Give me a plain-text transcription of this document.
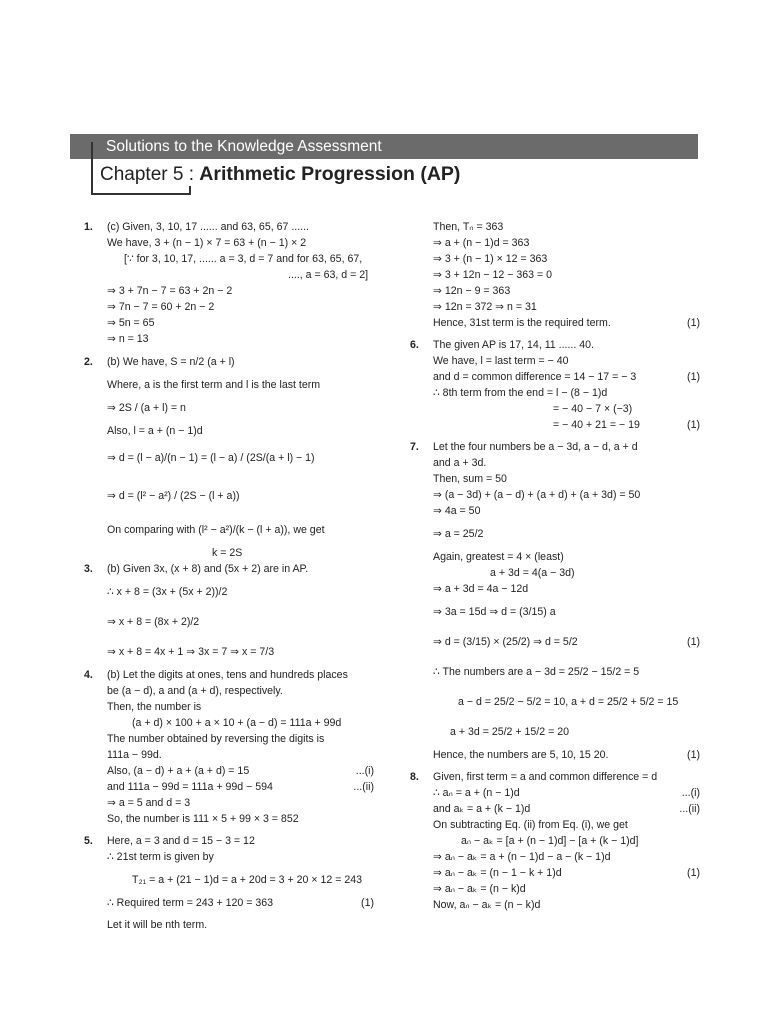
Solutions to the Knowledge Assessment
Chapter 5 : Arithmetic Progression (AP)
1. (c) Given, 3, 10, 17 ...... and 63, 65, 67 ......
We have, 3 + (n − 1) × 7 = 63 + (n − 1) × 2
[∵ for 3, 10, 17, ...... a = 3, d = 7 and for 63, 65, 67,
...., a = 63, d = 2]
⇒ 3 + 7n − 7 = 63 + 2n − 2
⇒ 7n − 7 = 60 + 2n − 2
⇒ 5n = 65
⇒ n = 13
2. (b) We have, S = n/2 (a + l)
Where, a is the first term and l is the last term
⇒ 2S / (a + l) = n
Also, l = a + (n − 1)d
⇒ d = (l − a)/(n − 1) = (l − a) / (2S/(a + l) − 1)
⇒ d = (l² − a²) / (2S − (l + a))
On comparing with (l² − a²)/(k − (l + a)), we get
k = 2S
3. (b) Given 3x, (x + 8) and (5x + 2) are in AP.
∴ x + 8 = (3x + (5x + 2))/2
⇒ x + 8 = (8x + 2)/2
⇒ x + 8 = 4x + 1 ⇒ 3x = 7 ⇒ x = 7/3
4. (b) Let the digits at ones, tens and hundreds places
be (a − d), a and (a + d), respectively.
Then, the number is
(a + d) × 100 + a × 10 + (a − d) = 111a + 99d
The number obtained by reversing the digits is
111a − 99d.
Also, (a − d) + a + (a + d) = 15	...(i)
and 111a − 99d = 111a + 99d − 594	...(ii)
⇒ a = 5 and d = 3
So, the number is 111 × 5 + 99 × 3 = 852
5. Here, a = 3 and d = 15 − 3 = 12
∴ 21st term is given by
T₂₁ = a + (21 − 1)d = a + 20d = 3 + 20 × 12 = 243
∴ Required term = 243 + 120 = 363	(1)
Let it will be nth term.
Then, Tₙ = 363
⇒ a + (n − 1)d = 363
⇒ 3 + (n − 1) × 12 = 363
⇒ 3 + 12n − 12 − 363 = 0
⇒ 12n − 9 = 363
⇒ 12n = 372 ⇒ n = 31
Hence, 31st term is the required term.	(1)
6. The given AP is 17, 14, 11 ...... 40.
We have, l = last term = − 40
and d = common difference = 14 − 17 = − 3	(1)
∴ 8th term from the end = l − (8 − 1)d
= − 40 − 7 × (−3)
= − 40 + 21 = − 19	(1)
7. Let the four numbers be a − 3d, a − d, a + d
and a + 3d.
Then, sum = 50
⇒ (a − 3d) + (a − d) + (a + d) + (a + 3d) = 50
⇒ 4a = 50
⇒ a = 25/2
Again, greatest = 4 × (least)
a + 3d = 4(a − 3d)
⇒ a + 3d = 4a − 12d
⇒ 3a = 15d ⇒ d = (3/15) a
⇒ d = (3/15) × (25/2) ⇒ d = 5/2	(1)
∴ The numbers are a − 3d = 25/2 − 15/2 = 5
a − d = 25/2 − 5/2 = 10, a + d = 25/2 + 5/2 = 15
a + 3d = 25/2 + 15/2 = 20
Hence, the numbers are 5, 10, 15 20.	(1)
8. Given, first term = a and common difference = d
∴ aₙ = a + (n − 1)d	...(i)
and aₖ = a + (k − 1)d	...(ii)
On subtracting Eq. (ii) from Eq. (i), we get
aₙ − aₖ = [a + (n − 1)d] − [a + (k − 1)d]
⇒ aₙ − aₖ = a + (n − 1)d − a − (k − 1)d
⇒ aₙ − aₖ = (n − 1 − k + 1)d	(1)
⇒ aₙ − aₖ = (n − k)d
Now, aₙ − aₖ = (n − k)d
